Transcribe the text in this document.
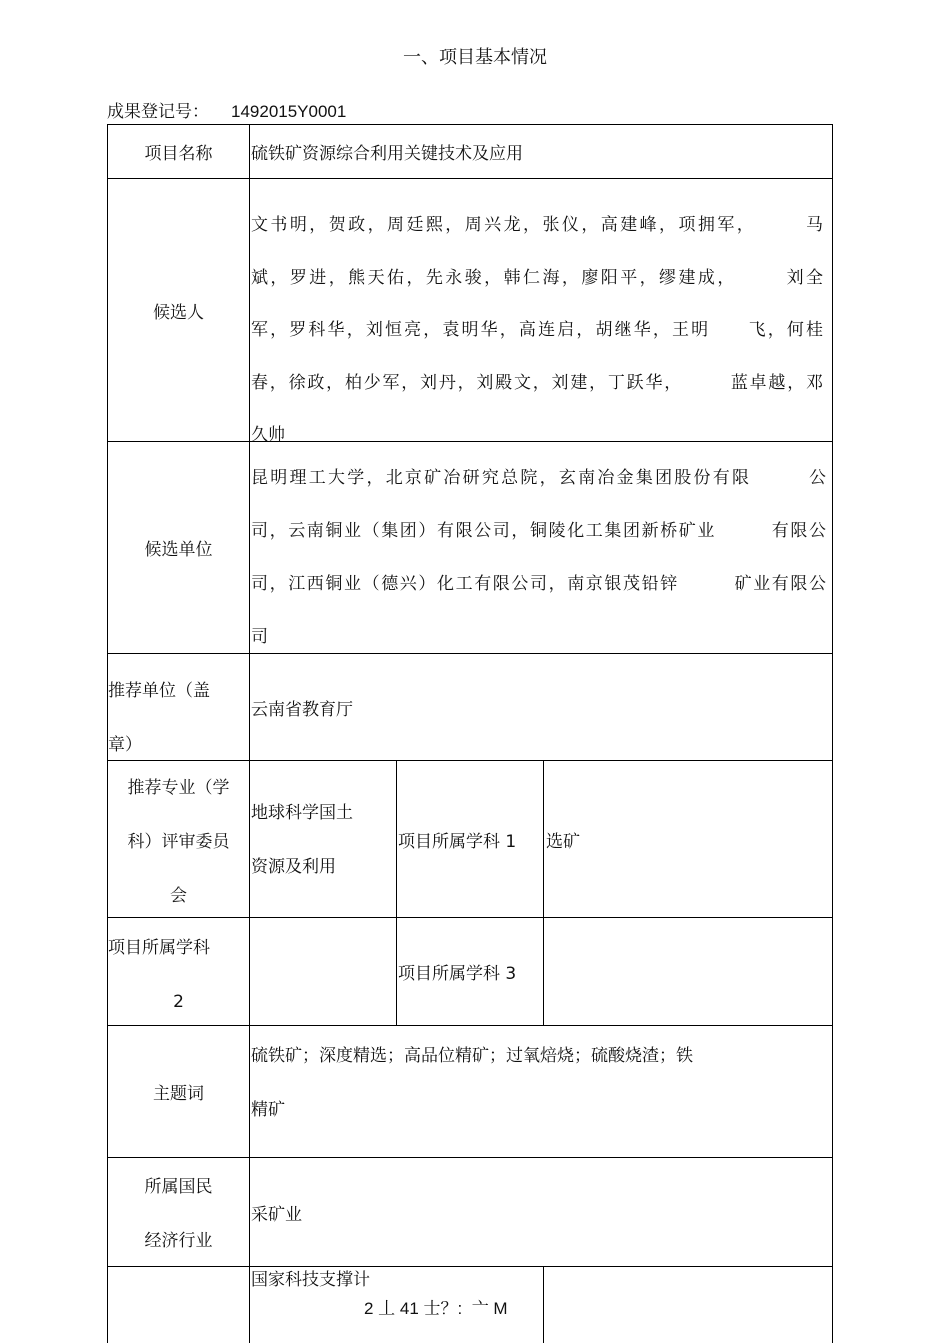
一、项目基本情况
成果登记号： 1492015Y0001
项目名称	硫铁矿资源综合利用关键技术及应用
候选人
文书明，贺政，周廷熙，周兴龙，张仪，高建峰，项拥军，　　　马
斌，罗进，熊天佑，先永骏，韩仁海，廖阳平，缪建成，　　　刘全
军，罗科华，刘恒亮，袁明华，高连启，胡继华，王明　　飞，何桂
春，徐政，柏少军，刘丹，刘殿文，刘建，丁跃华，　　　蓝卓越，邓
久帅
候选单位
昆明理工大学，北京矿冶研究总院，玄南冶金集团股份有限　　　公
司，云南铜业（集团）有限公司，铜陵化工集团新桥矿业　　　有限公
司，江西铜业（德兴）化工有限公司，南京银茂铅锌　　　矿业有限公
司
推荐单位（盖
章）
云南省教育厅
推荐专业（学
科）评审委员
会
地球科学国土
资源及利用
项目所属学科 1	选矿
项目所属学科
2
项目所属学科 3
主题词
硫铁矿；深度精选；高品位精矿；过氧焙烧；硫酸烧渣；铁
精矿
所属国民
经济行业
采矿业
国家科技支撑计
2 丄 41 士？:  亠 M
